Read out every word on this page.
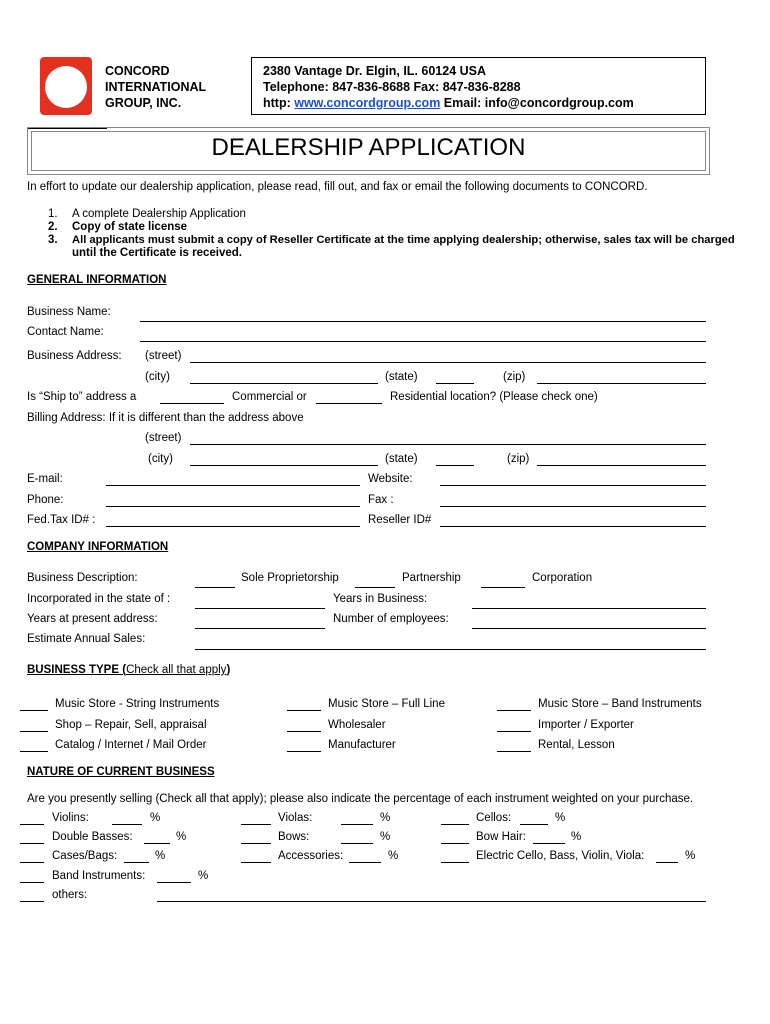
CONCORD
INTERNATIONAL
GROUP, INC.
2380 Vantage Dr. Elgin, IL. 60124 USA
Telephone: 847-836-8688 Fax: 847-836-8288
http: www.concordgroup.com Email: info@concordgroup.com
DEALERSHIP APPLICATION
In effort to update our dealership application, please read, fill out, and fax or email the following documents to CONCORD.
1. A complete Dealership Application
2. Copy of state license
3. All applicants must submit a copy of Reseller Certificate at the time applying dealership; otherwise, sales tax will be charged
until the Certificate is received.
GENERAL INFORMATION
Business Name:
Contact Name:
Business Address: (street)
(city)	(state)	(zip)
Is “Ship to” address a	Commercial or	Residential location? (Please check one)
Billing Address: If it is different than the address above
(street)
(city)	(state)	(zip)
E-mail:	Website:
Phone:	Fax :
Fed.Tax ID# :	Reseller ID#
COMPANY INFORMATION
Business Description:	Sole Proprietorship	Partnership	Corporation
Incorporated in the state of :	Years in Business:
Years at present address:	Number of employees:
Estimate Annual Sales:
BUSINESS TYPE (Check all that apply)
Music Store - String Instruments	Music Store – Full Line	Music Store – Band Instruments
Shop – Repair, Sell, appraisal	Wholesaler	Importer / Exporter
Catalog / Internet / Mail Order	Manufacturer	Rental, Lesson
NATURE OF CURRENT BUSINESS
Are you presently selling (Check all that apply); please also indicate the percentage of each instrument weighted on your purchase.
Violins:	%	Violas:	%	Cellos:	%
Double Basses:	%	Bows:	%	Bow Hair:	%
Cases/Bags:	%	Accessories:	%	Electric Cello, Bass, Violin, Viola:	%
Band Instruments:	%
others:
